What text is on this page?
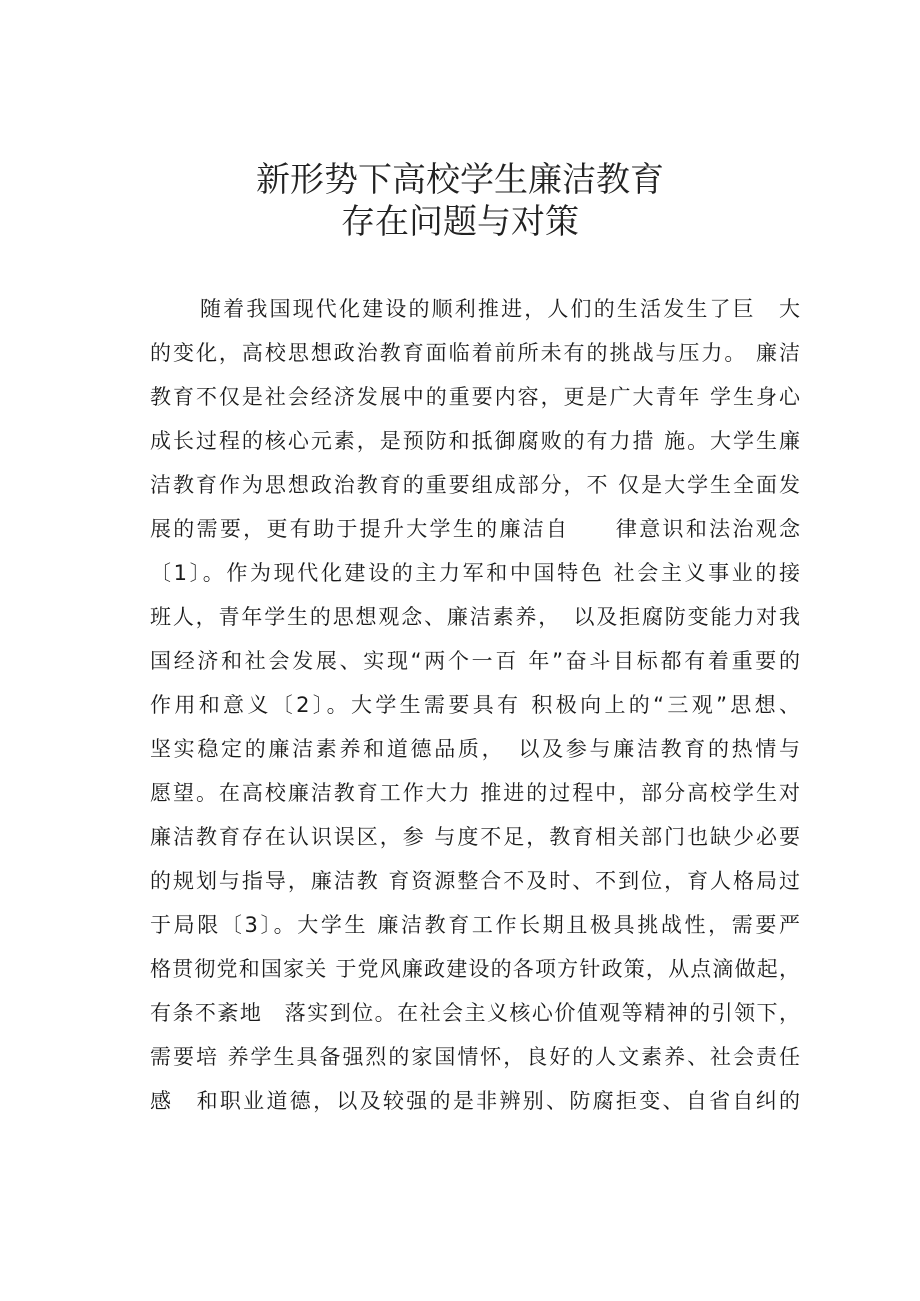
新形势下高校学生廉洁教育
存在问题与对策
随着我国现代化建设的顺利推进，人们的生活发生了巨　大
的变化，高校思想政治教育面临着前所未有的挑战与压力。 廉洁
教育不仅是社会经济发展中的重要内容，更是广大青年 学生身心
成长过程的核心元素，是预防和抵御腐败的有力措 施。大学生廉
洁教育作为思想政治教育的重要组成部分，不 仅是大学生全面发
展的需要，更有助于提升大学生的廉洁自　　律意识和法治观念
〔1〕。作为现代化建设的主力军和中国特色 社会主义事业的接
班人，青年学生的思想观念、廉洁素养，　以及拒腐防变能力对我
国经济和社会发展、实现“两个一百 年”奋斗目标都有着重要的
作用和意义〔2〕。大学生需要具有 积极向上的“三观”思想、
坚实稳定的廉洁素养和道德品质，　以及参与廉洁教育的热情与
愿望。在高校廉洁教育工作大力 推进的过程中，部分高校学生对
廉洁教育存在认识误区，参 与度不足，教育相关部门也缺少必要
的规划与指导，廉洁教 育资源整合不及时、不到位，育人格局过
于局限〔3〕。大学生 廉洁教育工作长期且极具挑战性，需要严
格贯彻党和国家关 于党风廉政建设的各项方针政策，从点滴做起，
有条不紊地　落实到位。在社会主义核心价值观等精神的引领下，
需要培 养学生具备强烈的家国情怀，良好的人文素养、社会责任
感　和职业道德，以及较强的是非辨别、防腐拒变、自省自纠的
